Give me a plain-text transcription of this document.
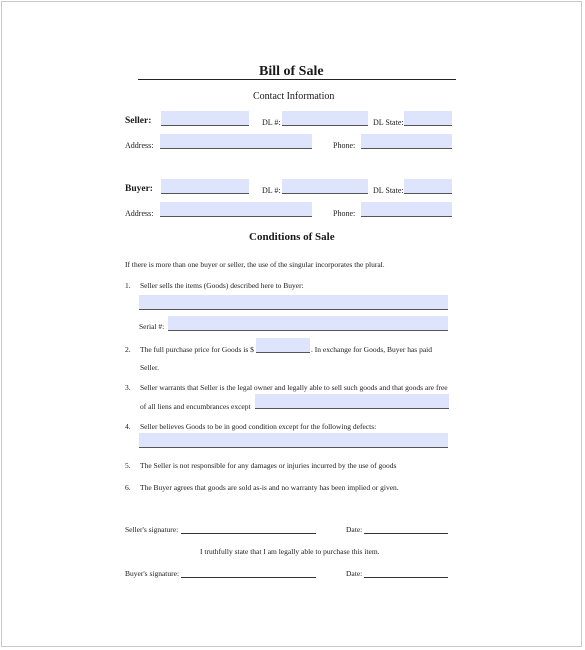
Bill of Sale
Contact Information
Seller:	DL #:	DL State:
Address:	Phone:
Buyer:	DL #:	DL State:
Address:	Phone:
Conditions of Sale
If there is more than one buyer or seller, the use of the singular incorporates the plural.
1. Seller sells the items (Goods) described here to Buyer:
Serial #:
2. The full purchase price for Goods is $	. In exchange for Goods, Buyer has paid
Seller.
3. Seller warrants that Seller is the legal owner and legally able to sell such goods and that goods are free
of all liens and encumbrances except
4. Seller believes Goods to be in good condition except for the following defects:
5. The Seller is not responsible for any damages or injuries incurred by the use of goods
6. The Buyer agrees that goods are sold as-is and no warranty has been implied or given.
Seller's signature:	Date:
I truthfully state that I am legally able to purchase this item.
Buyer's signature:	Date:
